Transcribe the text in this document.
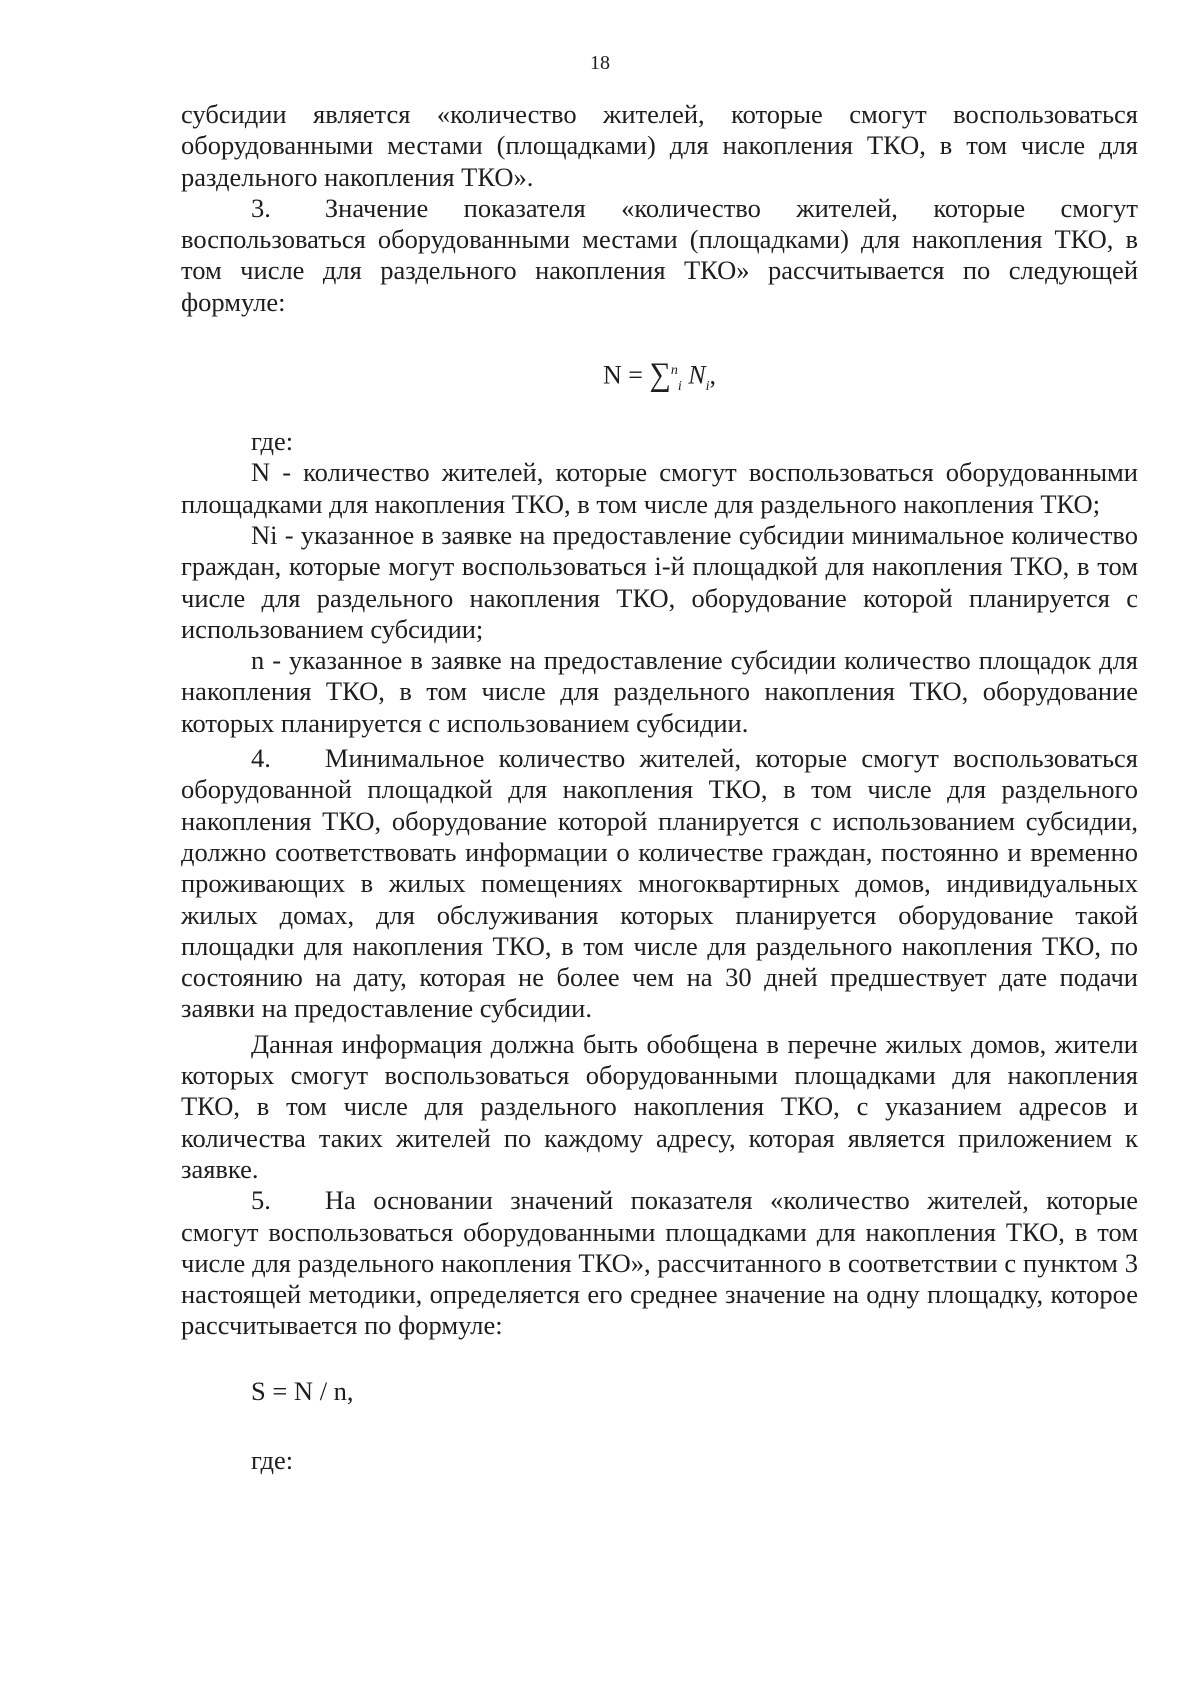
18

субсидии является «количество жителей, которые смогут воспользоваться оборудованными местами (площадками) для накопления ТКО, в том числе для раздельного накопления ТКО».

3. Значение показателя «количество жителей, которые смогут воспользоваться оборудованными местами (площадками) для накопления ТКО, в том числе для раздельного накопления ТКО» рассчитывается по следующей формуле:

N = ∑$^n_i$ $N_i$,

где:

N - количество жителей, которые смогут воспользоваться оборудованными площадками для накопления ТКО, в том числе для раздельного накопления ТКО;

Ni - указанное в заявке на предоставление субсидии минимальное количество граждан, которые могут воспользоваться i-й площадкой для накопления ТКО, в том числе для раздельного накопления ТКО, оборудование которой планируется с использованием субсидии;

n - указанное в заявке на предоставление субсидии количество площадок для накопления ТКО, в том числе для раздельного накопления ТКО, оборудование которых планируется с использованием субсидии.

4. Минимальное количество жителей, которые смогут воспользоваться оборудованной площадкой для накопления ТКО, в том числе для раздельного накопления ТКО, оборудование которой планируется с использованием субсидии, должно соответствовать информации о количестве граждан, постоянно и временно проживающих в жилых помещениях многоквартирных домов, индивидуальных жилых домах, для обслуживания которых планируется оборудование такой площадки для накопления ТКО, в том числе для раздельного накопления ТКО, по состоянию на дату, которая не более чем на 30 дней предшествует дате подачи заявки на предоставление субсидии.

Данная информация должна быть обобщена в перечне жилых домов, жители которых смогут воспользоваться оборудованными площадками для накопления ТКО, в том числе для раздельного накопления ТКО, с указанием адресов и количества таких жителей по каждому адресу, которая является приложением к заявке.

5. На основании значений показателя «количество жителей, которые смогут воспользоваться оборудованными площадками для накопления ТКО, в том числе для раздельного накопления ТКО», рассчитанного в соответствии с пунктом 3 настоящей методики, определяется его среднее значение на одну площадку, которое рассчитывается по формуле:

S = N / n,
где:
